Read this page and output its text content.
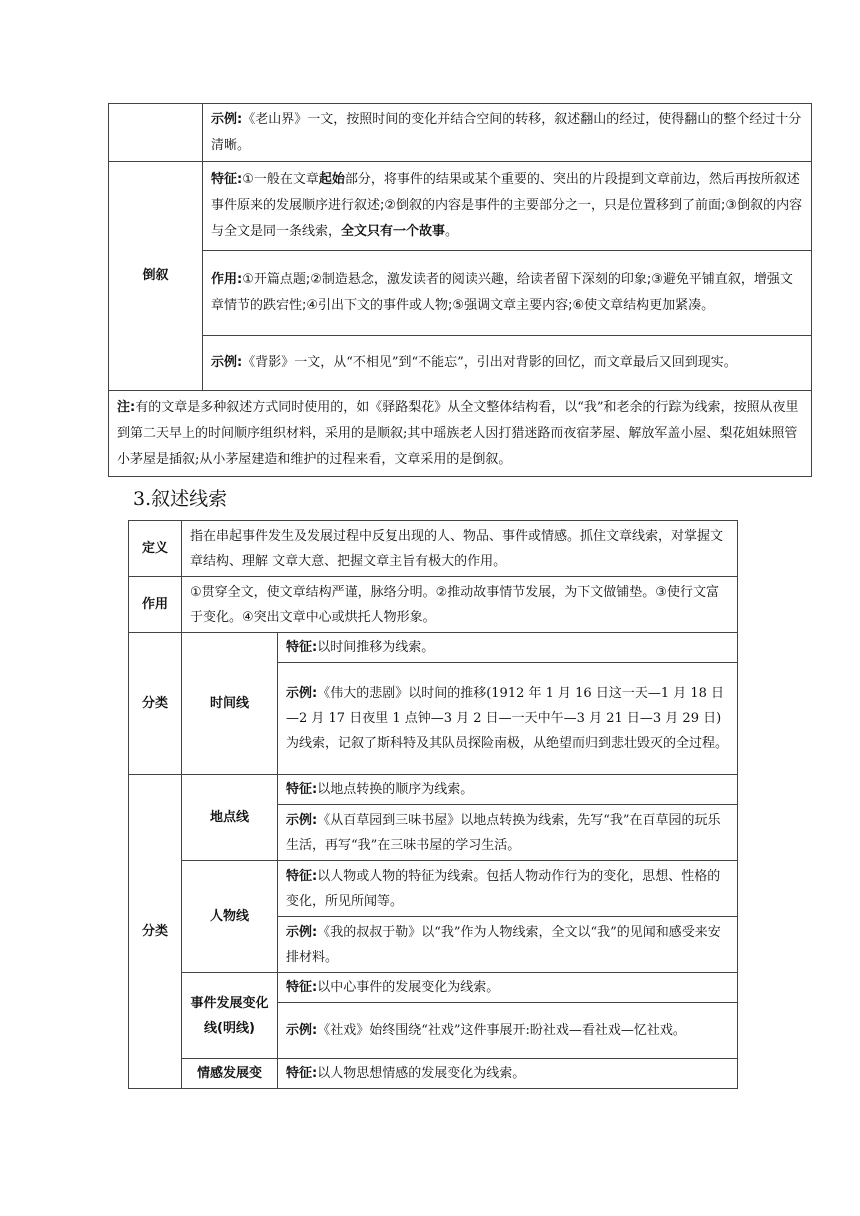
	示例:《老山界》一文，按照时间的变化并结合空间的转移，叙述翻山的经过，使得翻山的整个经过十分清晰。
倒叙	特征:①一般在文章起始部分，将事件的结果或某个重要的、突出的片段提到文章前边，然后再按所叙述事件原来的发展顺序进行叙述;②倒叙的内容是事件的主要部分之一，只是位置移到了前面;③倒叙的内容与全文是同一条线索，全文只有一个故事。
	作用:①开篇点题;②制造悬念，激发读者的阅读兴趣，给读者留下深刻的印象;③避免平铺直叙，增强文章情节的跌宕性;④引出下文的事件或人物;⑤强调文章主要内容;⑥使文章结构更加紧凑。
	示例:《背影》一文，从“不相见”到“不能忘”，引出对背影的回忆，而文章最后又回到现实。
注:有的文章是多种叙述方式同时使用的，如《驿路梨花》从全文整体结构看，以“我”和老余的行踪为线索，按照从夜里到第二天早上的时间顺序组织材料，采用的是顺叙;其中瑶族老人因打猎迷路而夜宿茅屋、解放军盖小屋、梨花姐妹照管小茅屋是插叙;从小茅屋建造和维护的过程来看，文章采用的是倒叙。	
3.叙述线索
定义	指在串起事件发生及发展过程中反复出现的人、物品、事件或情感。抓住文章线索，对掌握文章结构、理解 文章大意、把握文章主旨有极大的作用。	
作用	①贯穿全文，使文章结构严谨，脉络分明。②推动故事情节发展，为下文做铺垫。③使行文富于变化。④突出文章中心或烘托人物形象。	
分类	时间线	特征:以时间推移为线索。
		示例:《伟大的悲剧》以时间的推移(1912 年 1 月 16 日这一天—1 月 18 日—2 月 17 日夜里 1 点钟—3 月 2 日—一天中午—3 月 21 日—3 月 29 日)为线索，记叙了斯科特及其队员探险南极，从绝望而归到悲壮毁灭的全过程。
分类	地点线	特征:以地点转换的顺序为线索。
		示例:《从百草园到三味书屋》以地点转换为线索，先写“我”在百草园的玩乐生活，再写“我”在三味书屋的学习生活。
	人物线	特征:以人物或人物的特征为线索。包括人物动作行为的变化，思想、性格的变化，所见所闻等。
		示例:《我的叔叔于勒》以“我”作为人物线索，全文以“我”的见闻和感受来安排材料。
	事件发展变化线(明线)	特征:以中心事件的发展变化为线索。
		示例:《社戏》始终围绕“社戏”这件事展开:盼社戏—看社戏—忆社戏。
	情感发展变	特征:以人物思想情感的发展变化为线索。
